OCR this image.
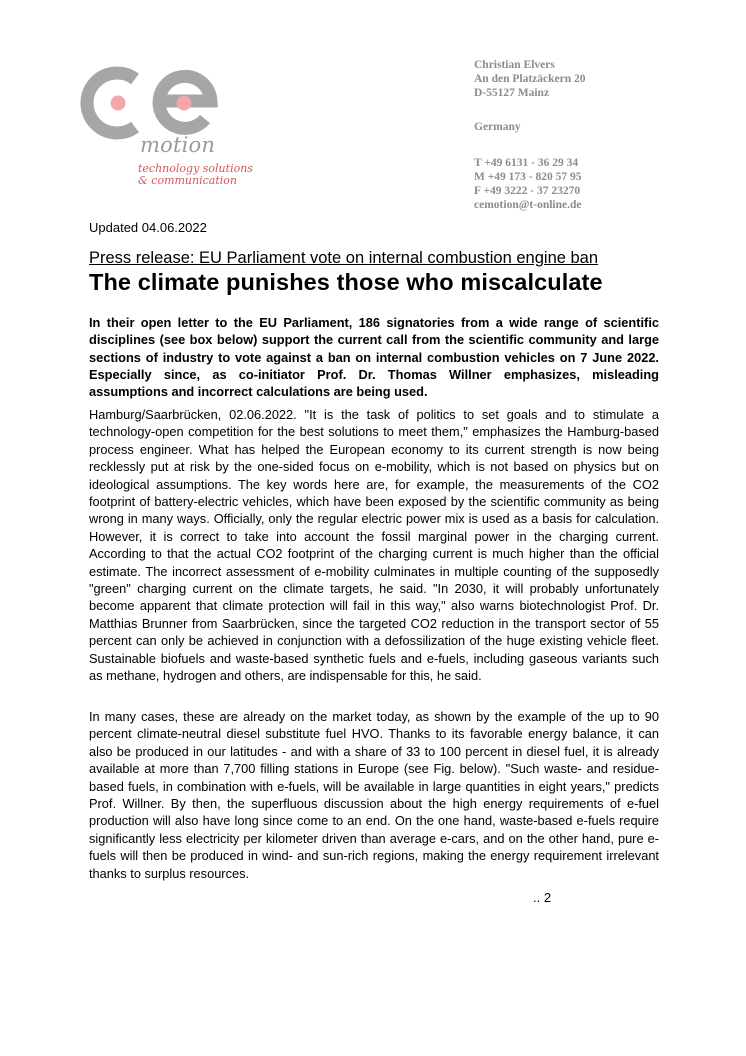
motion
technology solutions
& communication
Christian Elvers
An den Platzäckern 20
D-55127 Mainz
Germany
T +49 6131 - 36 29 34
M +49 173 - 820 57 95
F +49 3222 - 37 23270
cemotion@t-online.de
Updated 04.06.2022
Press release: EU Parliament vote on internal combustion engine ban
The climate punishes those who miscalculate
In their open letter to the EU Parliament, 186 signatories from a wide range of scientific disciplines (see box below) support the current call from the scientific community and large sections of industry to vote against a ban on internal combustion vehicles on 7 June 2022. Especially since, as co-initiator Prof. Dr. Thomas Willner emphasizes, misleading assumptions and incorrect calculations are being used.
Hamburg/Saarbrücken, 02.06.2022. "It is the task of politics to set goals and to stimulate a technology-open competition for the best solutions to meet them," emphasizes the Hamburg-based process engineer. What has helped the European economy to its current strength is now being recklessly put at risk by the one-sided focus on e-mobility, which is not based on physics but on ideological assumptions. The key words here are, for example, the measurements of the CO2 footprint of battery-electric vehicles, which have been exposed by the scientific community as being wrong in many ways. Officially, only the regular electric power mix is used as a basis for calculation. However, it is correct to take into account the fossil marginal power in the charging current. According to that the actual CO2 footprint of the charging current is much higher than the official estimate. The incorrect assessment of e-mobility culminates in multiple counting of the supposedly "green" charging current on the climate targets, he said. "In 2030, it will probably unfortunately become apparent that climate protection will fail in this way," also warns biotechnologist Prof. Dr. Matthias Brunner from Saarbrücken, since the targeted CO2 reduction in the transport sector of 55 percent can only be achieved in conjunction with a defossilization of the huge existing vehicle fleet. Sustainable biofuels and waste-based synthetic fuels and e-fuels, including gaseous variants such as methane, hydrogen and others, are indispensable for this, he said.
In many cases, these are already on the market today, as shown by the example of the up to 90 percent climate-neutral diesel substitute fuel HVO. Thanks to its favorable energy balance, it can also be produced in our latitudes - and with a share of 33 to 100 percent in diesel fuel, it is already available at more than 7,700 filling stations in Europe (see Fig. below). "Such waste- and residue-based fuels, in combination with e-fuels, will be available in large quantities in eight years," predicts Prof. Willner. By then, the superfluous discussion about the high energy requirements of e-fuel production will also have long since come to an end. On the one hand, waste-based e-fuels require significantly less electricity per kilometer driven than average e-cars, and on the other hand, pure e-fuels will then be produced in wind- and sun-rich regions, making the energy requirement irrelevant thanks to surplus resources.
.. 2
